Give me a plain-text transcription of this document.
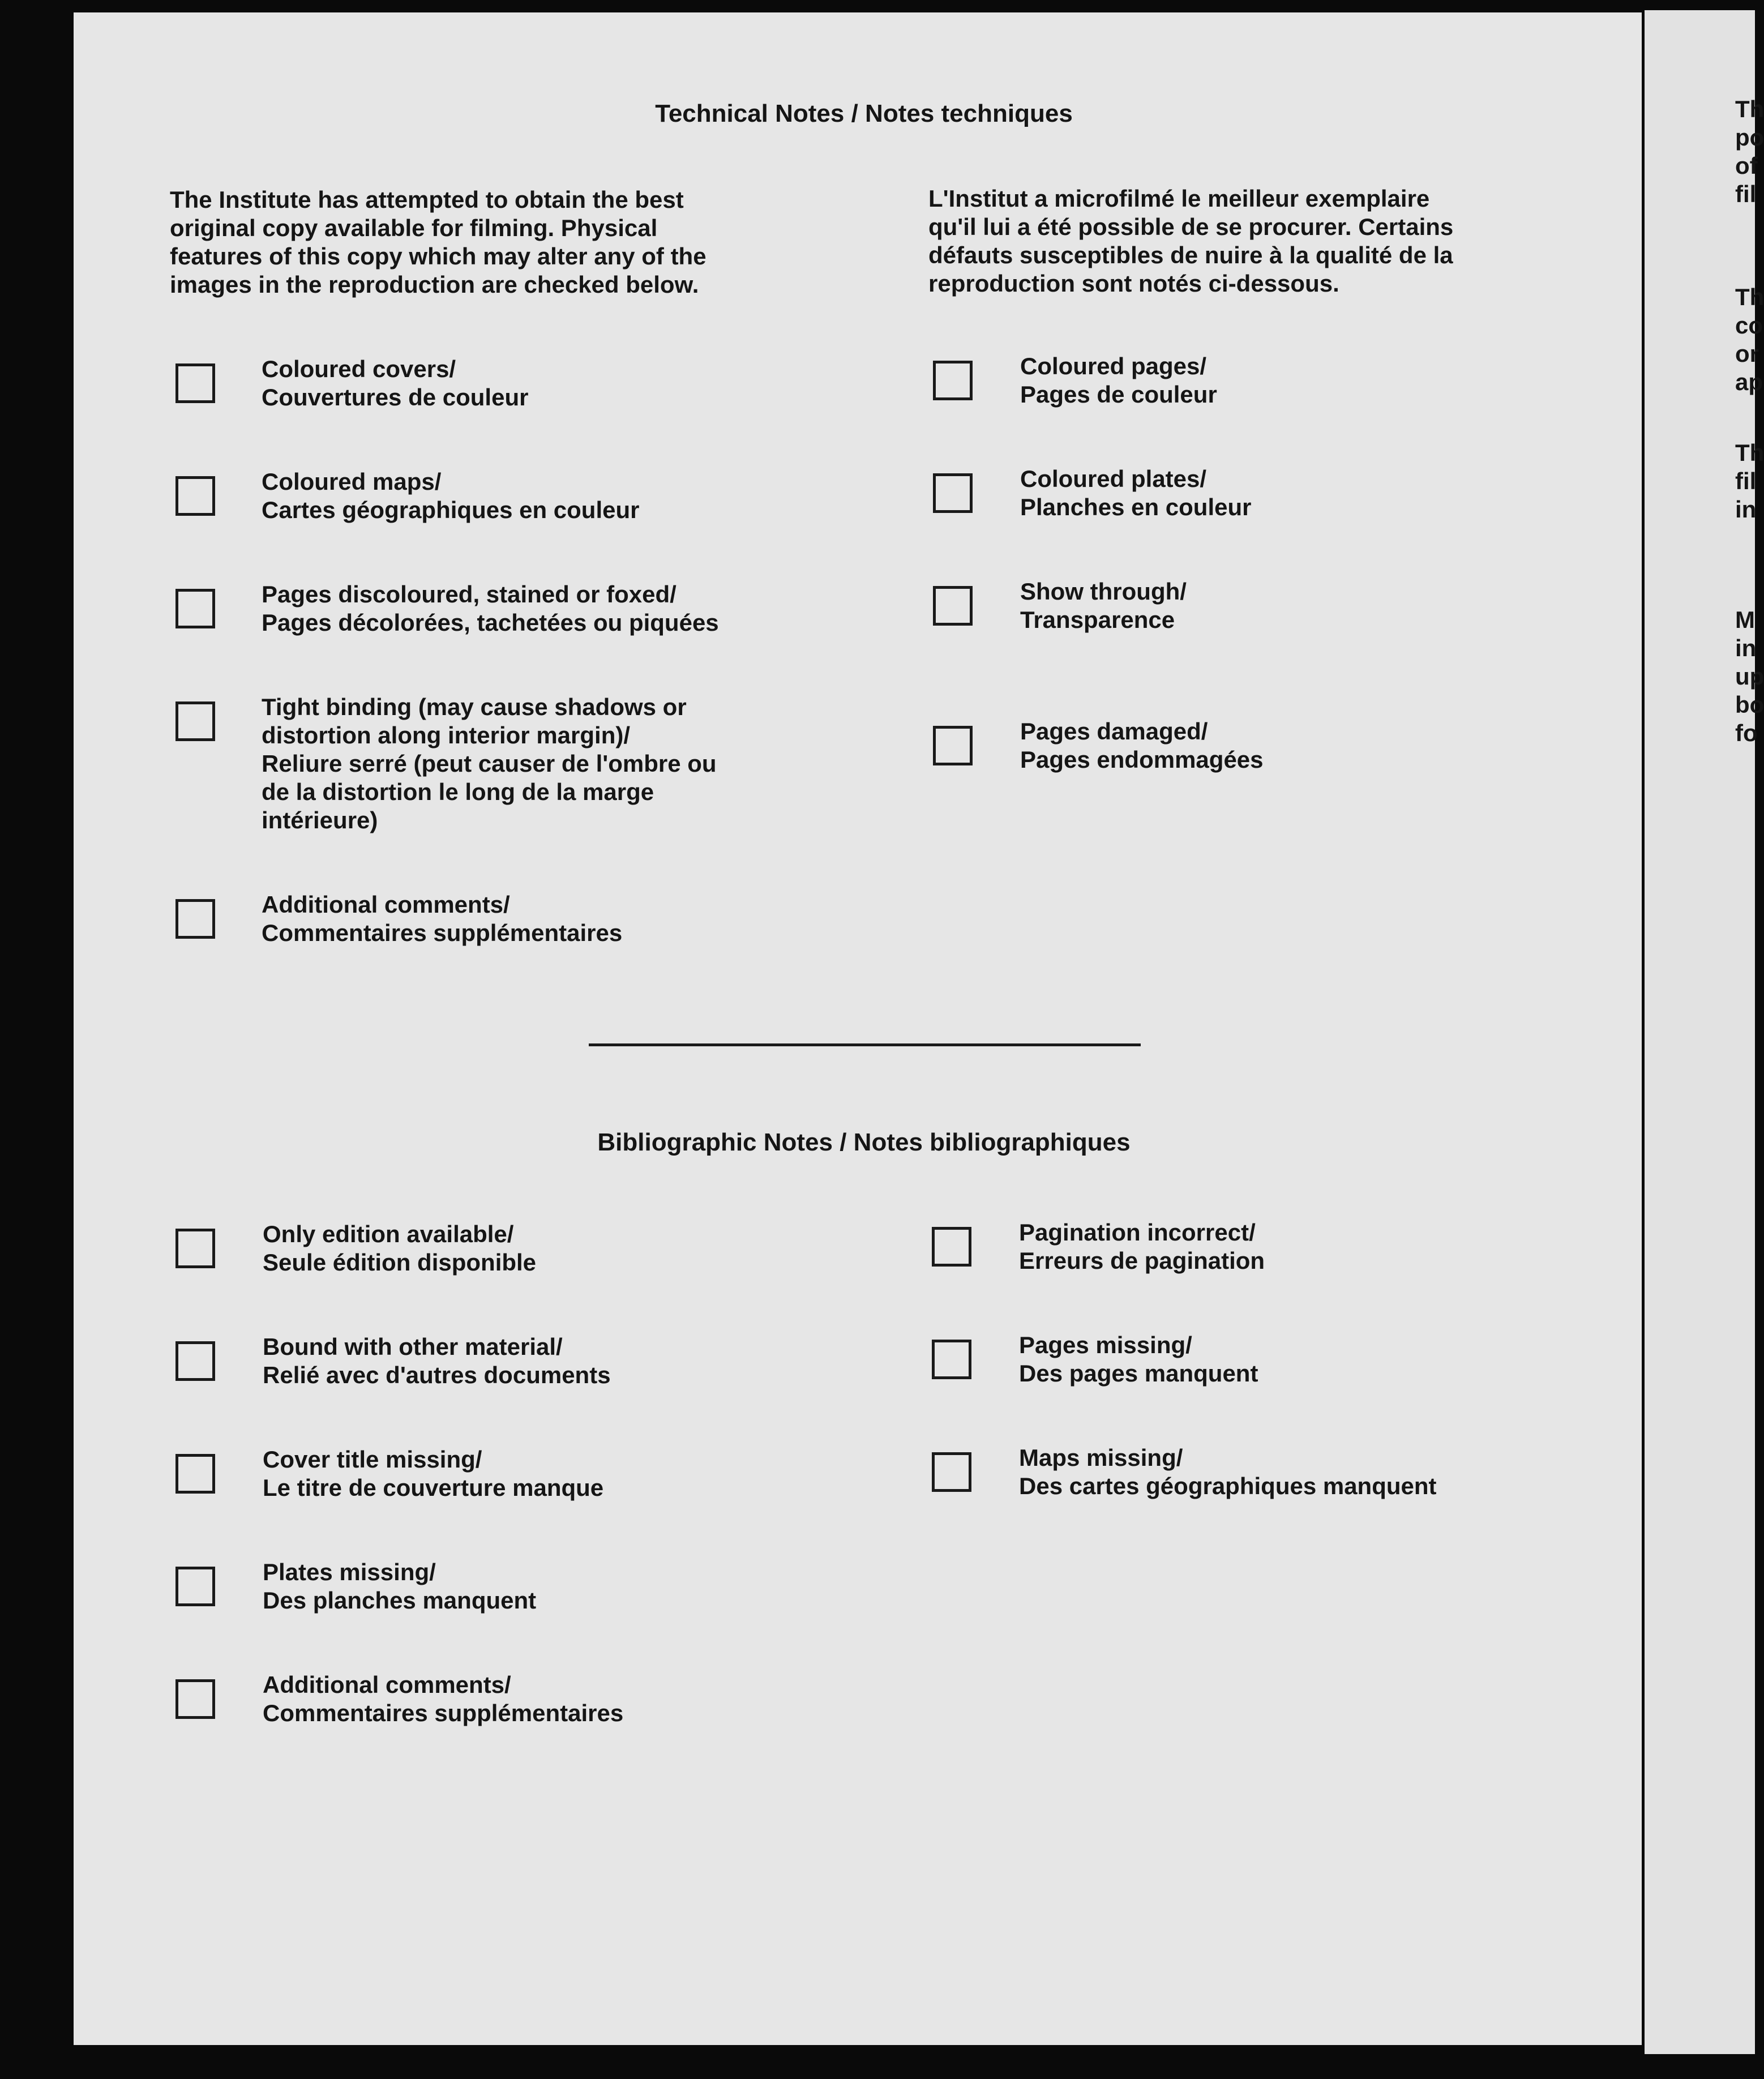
Technical Notes / Notes techniques
The Institute has attempted to obtain the best
original copy available for filming. Physical
features of this copy which may alter any of the
images in the reproduction are checked below.
L'Institut a microfilmé le meilleur exemplaire
qu'il lui a été possible de se procurer. Certains
défauts susceptibles de nuire à la qualité de la
reproduction sont notés ci-dessous.
Coloured covers/
Couvertures de couleur
Coloured maps/
Cartes géographiques en couleur
Pages discoloured, stained or foxed/
Pages décolorées, tachetées ou piquées
Tight binding (may cause shadows or
distortion along interior margin)/
Reliure serré (peut causer de l'ombre ou
de la distortion le long de la marge
intérieure)
Additional comments/
Commentaires supplémentaires
Coloured pages/
Pages de couleur
Coloured plates/
Planches en couleur
Show through/
Transparence
Pages damaged/
Pages endommagées
Bibliographic Notes / Notes bibliographiques
Only edition available/
Seule édition disponible
Bound with other material/
Relié avec d'autres documents
Cover title missing/
Le titre de couverture manque
Plates missing/
Des planches manquent
Additional comments/
Commentaires supplémentaires
Pagination incorrect/
Erreurs de pagination
Pages missing/
Des pages manquent
Maps missing/
Des cartes géographiques manquent
Th
po
of
fil
Th
co
or
ap
Th
fil
in
M
in
up
bo
fo
